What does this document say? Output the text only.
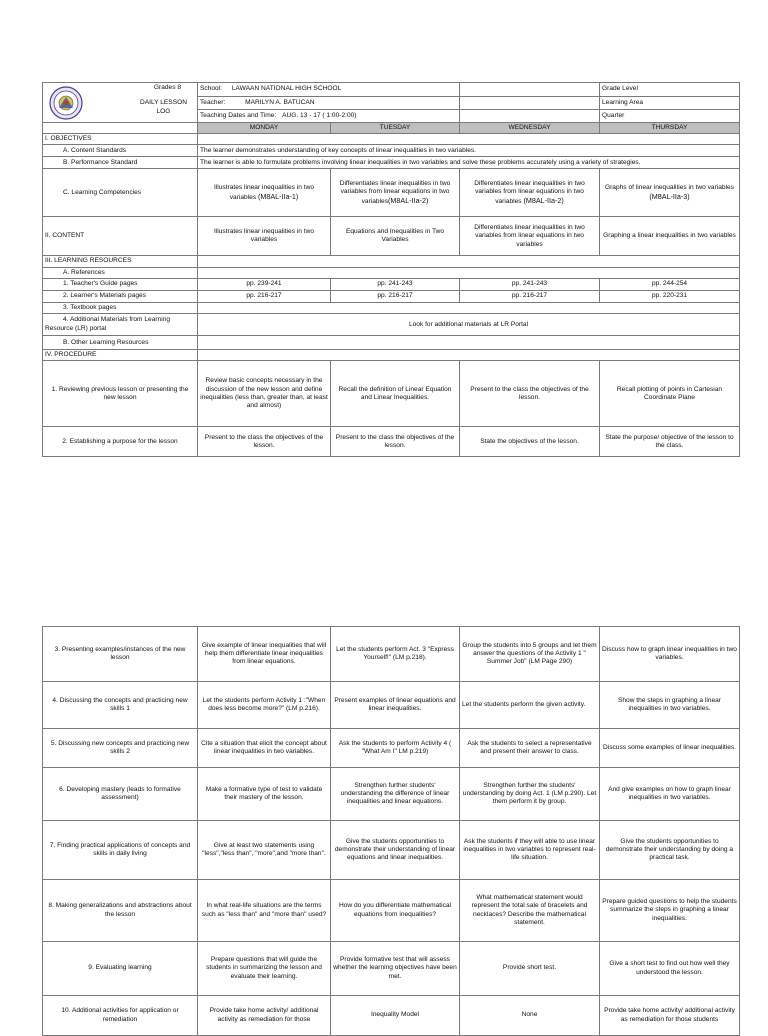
Grades 8
DAILY LESSON
LOG	School: LAWAAN NATIONAL HIGH SCHOOL			Grade Level
	Teacher: MARILYN A. BATUCAN			Learning Area
	Teaching Dates and Time: AUG. 13 - 17 ( 1:00-2:00)			Quarter
	MONDAY	TUESDAY	WEDNESDAY	THURSDAY
I. OBJECTIVES				
A. Content Standards	The learner demonstrates understanding of key concepts of linear inequalities in two variables.			
B. Performance Standard	The learner is able to formulate problems involving linear inequalities in two variables and solve these problems accurately using a variety of strategies.			
C. Learning Competencies	Illustrates linear inequalities in two variables (M8AL-IIa-1)	Differentiates linear inequalities in two variables from linear equations in two variables(M8AL-IIa-2)	Differentiates linear inequalities in two variables from linear equations in two variables (M8AL-IIa-2)	Graphs of linear inequalities in two variables (M8AL-IIa-3)
II. CONTENT	Illustrates linear inequalities in two variables	Equations and Inequalities in Two Variables	Differentiates linear inequalities in two variables from linear equations in two variables	Graphing a linear inequalities in two variables
III. LEARNING RESOURCES				
A. References				
1. Teacher's Guide pages	pp. 239-241	pp. 241-243	pp. 241-243	pp. 244-254
2. Learner's Materials pages	pp. 216-217	pp. 216-217	pp. 216-217	pp. 220-231
3. Textbook pages				
4. Additional Materials from Learning Resource (LR) portal	Look for additional materials at LR Portal			
B. Other Learning Resources				
IV. PROCEDURE				
1. Reviewing previous lesson or presenting the new lesson	Review basic concepts necessary in the discussion of the new lesson and define inequalities (less than, greater than, at least and almost)	Recall the definition of Linear Equation and Linear Inequalities.	Present to the class the objectives of the lesson.	Recall plotting of points in Cartesian Coordinate Plane
2. Establishing a purpose for the lesson	Present to the class the objectives of the lesson.	Present to the class the objectives of the lesson.	State the objectives of the lesson.	State the purpose/ objective of the lesson to the class.
3. Presenting examples/instances of the new lesson	Give example of linear inequalities that will help them differentiate linear inequalities from linear equations.	Let the students perform Act. 3 "Express Yourself!" (LM p.218).	Group the students into 5 groups and let them answer the questions of the Activity 1 " Summer Job" (LM Page 290)	Discuss how to graph linear inequalities in two variables.
4. Discussing the concepts and practicing new skills 1	Let the students perform Activity 1 :"When does less become more?" (LM p.216).	Present examples of linear equations and linear inequalities.	Let the students perform the given activity.	Show the steps in graphing a linear inequalities in two variables.
5. Discussing new concepts and practicing new skills 2	Cite a situation that elicit the concept about linear inequalities in two variables.	Ask the students to perform Activity 4 ( "What Am I" LM p.219)	Ask the students to select a representative and present their answer to class.	Discuss some examples of linear inequalities.
6. Developing mastery (leads to formative assessment)	Make a formative type of test to validate their mastery of the lesson.	Strengthen further students' understanding the difference of linear inequalities and linear equations.	Strengthen further the students' understanding by doing Act. 1 (LM p.290). Let them perform it by group.	And give examples on how to graph linear inequalities in two variables.
7. Finding practical applications of concepts and skills in daily living	Give at least two statements using "less","less than", "more",and "more than".	Give the students opportunities to demonstrate their understanding of linear equations and linear inequalities.	Ask the students if they will able to use linear inequalities in two variables to represent real-life situation.	Give the students opportunities to demonstrate their understanding by doing a practical task.
8. Making generalizations and abstractions about the lesson	In what real-life situations are the terms such as "less than" and "more than" used?	How do you differentiate mathematical equations from inequalities?	What mathematical statement would represent the total sale of bracelets and necklaces? Describe the mathematical statement.	Prepare guided questions to help the students summarize the steps in graphing a linear inequalities.
9. Evaluating learning	Prepare questions that will guide the students in summarizing the lesson and evaluate their learning.	Provide formative test that will assess whether the learning objectives have been met.	Provide short test.	Give a short test to find out how well they understood the lesson.
10. Additional activities for application or remediation	Provide take home activity/ additional activity as remediation for those	Inequality Model	None	Provide take home activity/ additional activity as remediation for those students
